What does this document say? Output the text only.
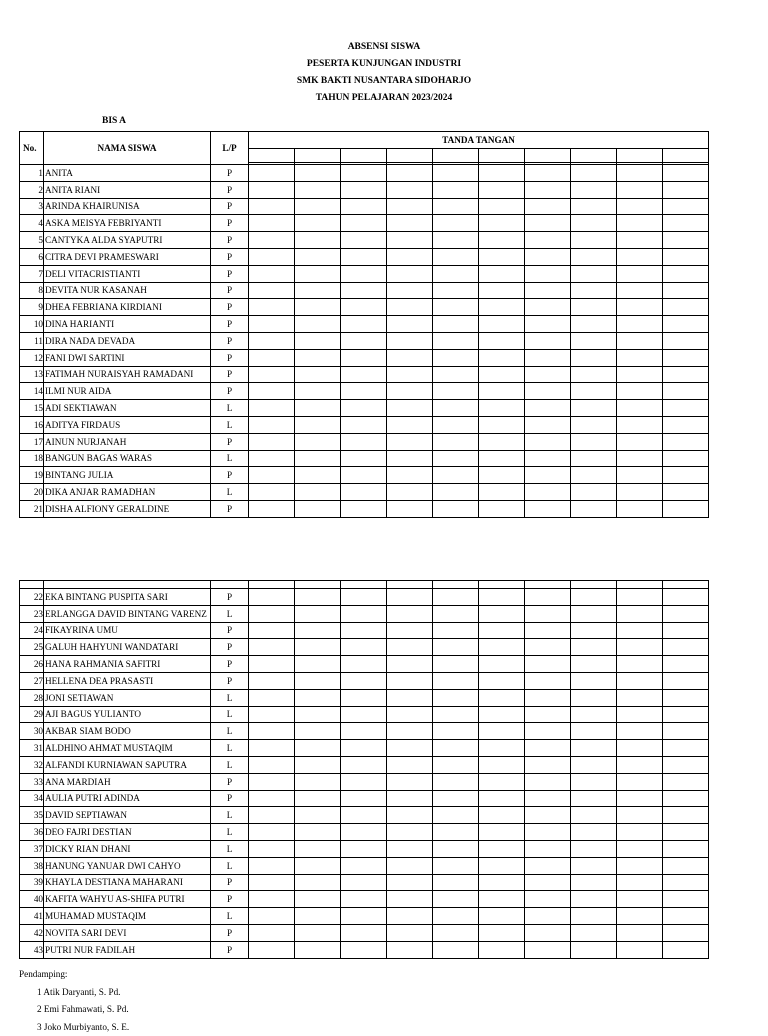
ABSENSI SISWA
PESERTA KUNJUNGAN INDUSTRI
SMK BAKTI NUSANTARA SIDOHARJO
TAHUN PELAJARAN 2023/2024
BIS A
No.	NAMA SISWA	L/P	TANDA TANGAN									

1	ANITA	P										
2	ANITA RIANI	P										
3	ARINDA KHAIRUNISA	P										
4	ASKA MEISYA FEBRIYANTI	P										
5	CANTYKA ALDA SYAPUTRI	P										
6	CITRA DEVI PRAMESWARI	P										
7	DELI VITACRISTIANTI	P										
8	DEVITA NUR KASANAH	P										
9	DHEA FEBRIANA KIRDIANI	P										
10	DINA HARIANTI	P										
11	DIRA NADA DEVADA	P										
12	FANI DWI SARTINI	P										
13	FATIMAH NURAISYAH RAMADANI	P										
14	ILMI NUR AIDA	P										
15	ADI SEKTIAWAN	L										
16	ADITYA FIRDAUS	L										
17	AINUN NURJANAH	P										
18	BANGUN BAGAS WARAS	L										
19	BINTANG JULIA	P										
20	DIKA ANJAR RAMADHAN	L										
21	DISHA ALFIONY GERALDINE	P										

22	EKA BINTANG PUSPITA SARI	P										
23	ERLANGGA DAVID BINTANG VARENZ	L										
24	FIKAYRINA UMU	P										
25	GALUH HAHYUNI WANDATARI	P										
26	HANA RAHMANIA SAFITRI	P										
27	HELLENA DEA PRASASTI	P										
28	JONI SETIAWAN	L										
29	AJI BAGUS YULIANTO	L										
30	AKBAR SIAM BODO	L										
31	ALDHINO AHMAT MUSTAQIM	L										
32	ALFANDI KURNIAWAN SAPUTRA	L										
33	ANA MARDIAH	P										
34	AULIA PUTRI ADINDA	P										
35	DAVID SEPTIAWAN	L										
36	DEO FAJRI DESTIAN	L										
37	DICKY RIAN DHANI	L										
38	HANUNG YANUAR DWI CAHYO	L										
39	KHAYLA DESTIANA MAHARANI	P										
40	KAFITA WAHYU AS-SHIFA PUTRI	P										
41	MUHAMAD MUSTAQIM	L										
42	NOVITA SARI DEVI	P										
43	PUTRI NUR FADILAH	P										
Pendamping:
1 Atik Daryanti, S. Pd.
2 Emi Fahmawati, S. Pd.
3 Joko Murbiyanto, S. E.
